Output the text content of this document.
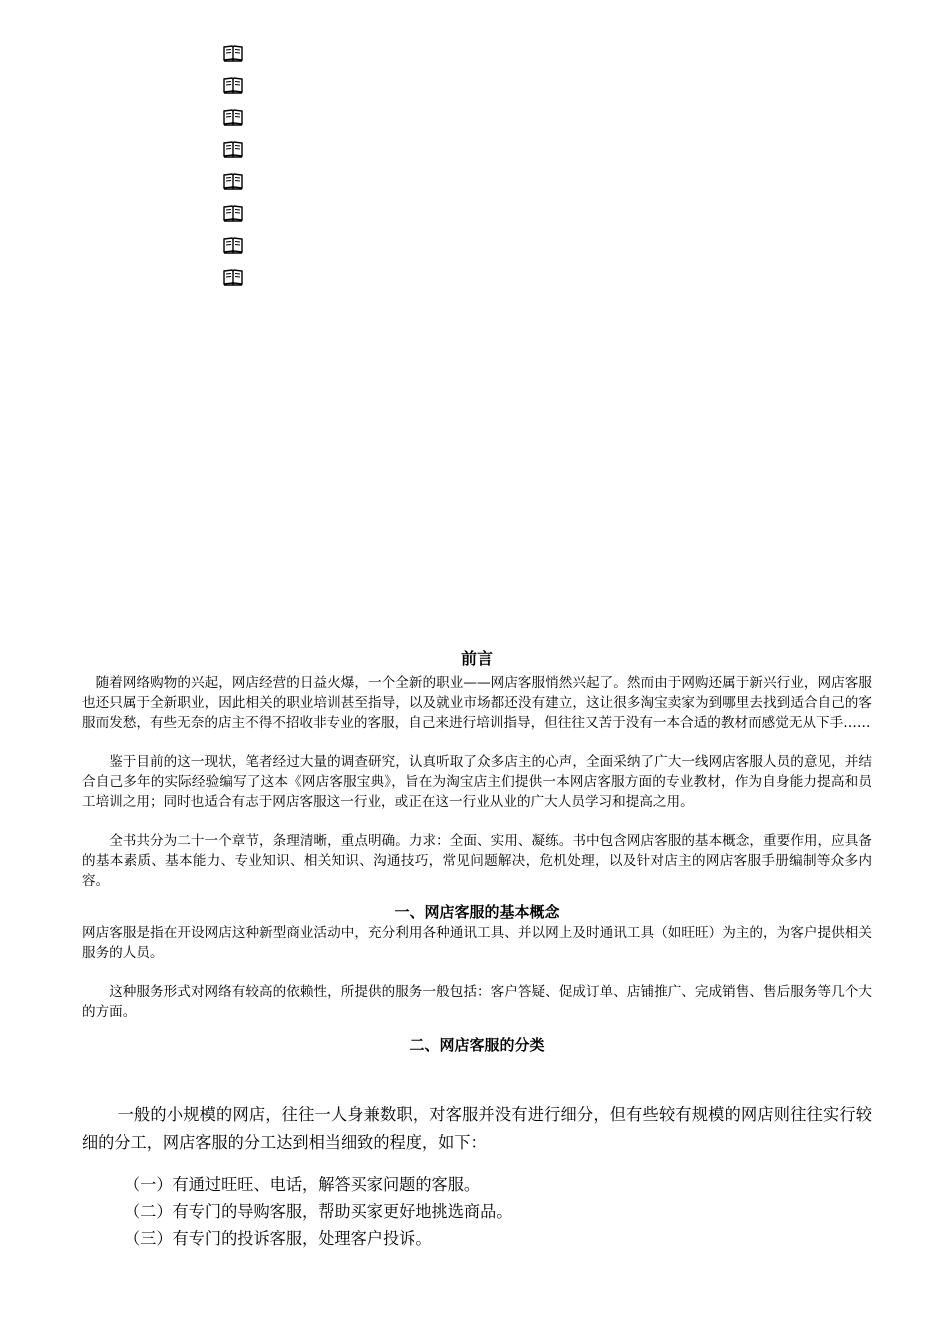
前言

随着网络购物的兴起，网店经营的日益火爆，一个全新的职业——网店客服悄然兴起了。然而由于网购还属于新兴行业，网店客服也还只属于全新职业，因此相关的职业培训甚至指导，以及就业市场都还没有建立，这让很多淘宝卖家为到哪里去找到适合自己的客服而发愁，有些无奈的店主不得不招收非专业的客服，自己来进行培训指导，但往往又苦于没有一本合适的教材而感觉无从下手……

鉴于目前的这一现状，笔者经过大量的调查研究，认真听取了众多店主的心声，全面采纳了广大一线网店客服人员的意见，并结合自己多年的实际经验编写了这本《网店客服宝典》，旨在为淘宝店主们提供一本网店客服方面的专业教材，作为自身能力提高和员工培训之用；同时也适合有志于网店客服这一行业，或正在这一行业从业的广大人员学习和提高之用。

全书共分为二十一个章节，条理清晰，重点明确。力求：全面、实用、凝练。书中包含网店客服的基本概念，重要作用，应具备的基本素质、基本能力、专业知识、相关知识、沟通技巧，常见问题解决，危机处理，以及针对店主的网店客服手册编制等众多内容。

一、网店客服的基本概念

网店客服是指在开设网店这种新型商业活动中，充分利用各种通讯工具、并以网上及时通讯工具（如旺旺）为主的，为客户提供相关服务的人员。

这种服务形式对网络有较高的依赖性，所提供的服务一般包括：客户答疑、促成订单、店铺推广、完成销售、售后服务等几个大的方面。

二、网店客服的分类

一般的小规模的网店，往往一人身兼数职，对客服并没有进行细分，但有些较有规模的网店则往往实行较细的分工，网店客服的分工达到相当细致的程度，如下：

（一）有通过旺旺、电话，解答买家问题的客服。
（二）有专门的导购客服，帮助买家更好地挑选商品。
（三）有专门的投诉客服，处理客户投诉。
